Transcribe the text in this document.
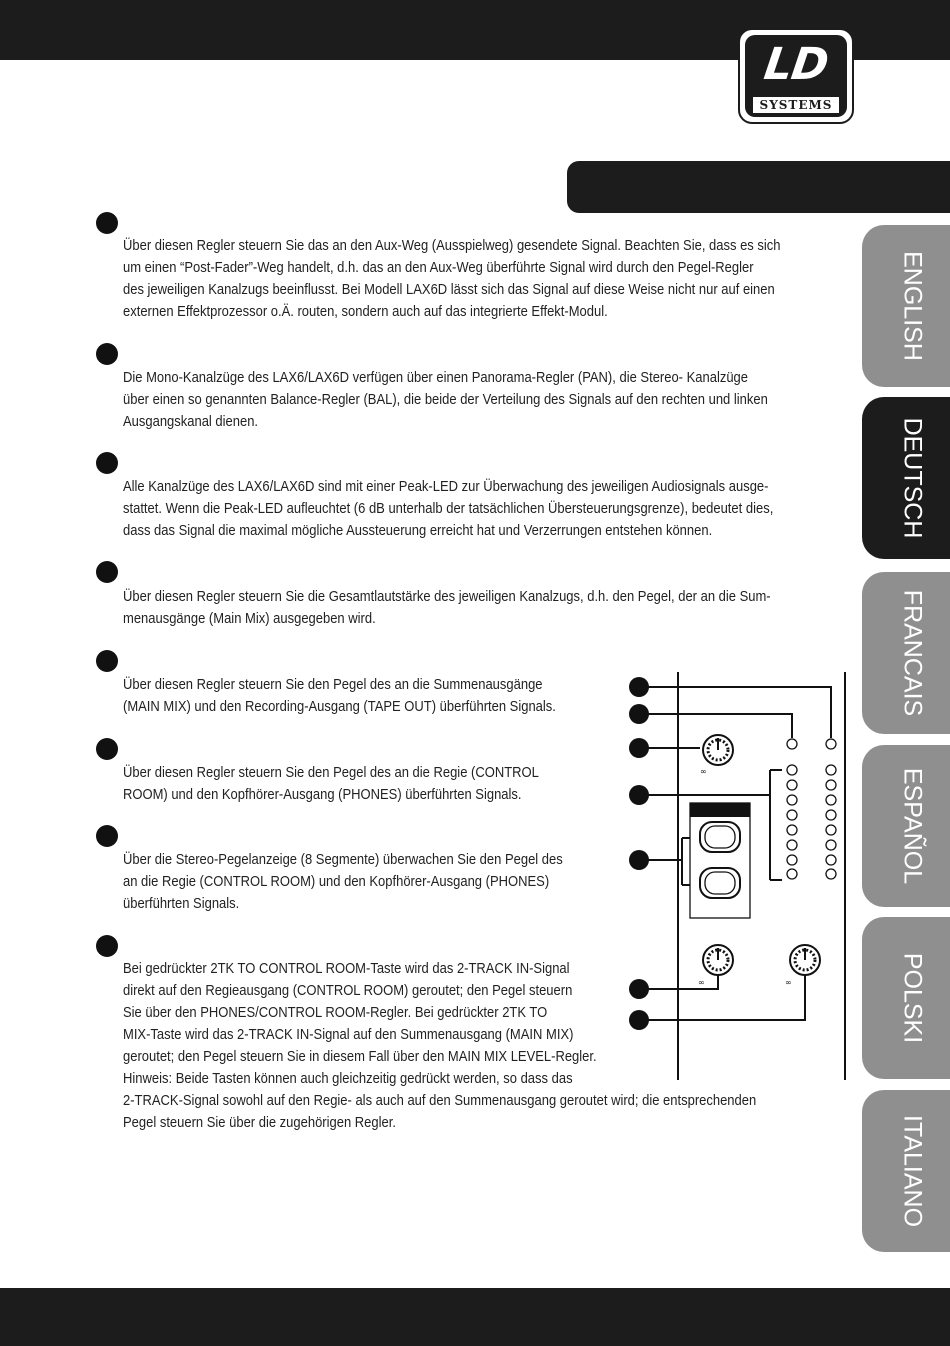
LD
SYSTEMS
ENGLISH
DEUTSCH
FRANCAIS
ESPAÑOL
POLSKI
ITALIANO
Über diesen Regler steuern Sie das an den Aux-Weg (Ausspielweg) gesendete Signal. Beachten Sie, dass es sich
um einen “Post-Fader”-Weg handelt, d.h. das an den Aux-Weg überführte Signal wird durch den Pegel-Regler
des jeweiligen Kanalzugs beeinflusst. Bei Modell LAX6D lässt sich das Signal auf diese Weise nicht nur auf einen
externen Effektprozessor o.Ä. routen, sondern auch auf das integrierte Effekt-Modul.
Die Mono-Kanalzüge des LAX6/LAX6D verfügen über einen Panorama-Regler (PAN), die Stereo- Kanalzüge
über einen so genannten Balance-Regler (BAL), die beide der Verteilung des Signals auf den rechten und linken
Ausgangskanal dienen.
Alle Kanalzüge des LAX6/LAX6D sind mit einer Peak-LED zur Überwachung des jeweiligen Audiosignals ausge-
stattet. Wenn die Peak-LED aufleuchtet (6 dB unterhalb der tatsächlichen Übersteuerungsgrenze), bedeutet dies,
dass das Signal die maximal mögliche Aussteuerung erreicht hat und Verzerrungen entstehen können.
Über diesen Regler steuern Sie die Gesamtlautstärke des jeweiligen Kanalzugs, d.h. den Pegel, der an die Sum-
menausgänge (Main Mix) ausgegeben wird.
Über diesen Regler steuern Sie den Pegel des an die Summenausgänge
(MAIN MIX) und den Recording-Ausgang (TAPE OUT) überführten Signals.
Über diesen Regler steuern Sie den Pegel des an die Regie (CONTROL
ROOM) und den Kopfhörer-Ausgang (PHONES) überführten Signals.
Über die Stereo-Pegelanzeige (8 Segmente) überwachen Sie den Pegel des
an die Regie (CONTROL ROOM) und den Kopfhörer-Ausgang (PHONES)
überführten Signals.
Bei gedrückter 2TK TO CONTROL ROOM-Taste wird das 2-TRACK IN-Signal
direkt auf den Regieausgang (CONTROL ROOM) geroutet; den Pegel steuern
Sie über den PHONES/CONTROL ROOM-Regler. Bei gedrückter 2TK TO
MIX-Taste wird das 2-TRACK IN-Signal auf den Summenausgang (MAIN MIX)
geroutet; den Pegel steuern Sie in diesem Fall über den MAIN MIX LEVEL-Regler.
Hinweis: Beide Tasten können auch gleichzeitig gedrückt werden, so dass das
2-TRACK-Signal sowohl auf den Regie- als auch auf den Summenausgang geroutet wird; die entsprechenden
Pegel steuern Sie über die zugehörigen Regler.
∞
∞	∞
